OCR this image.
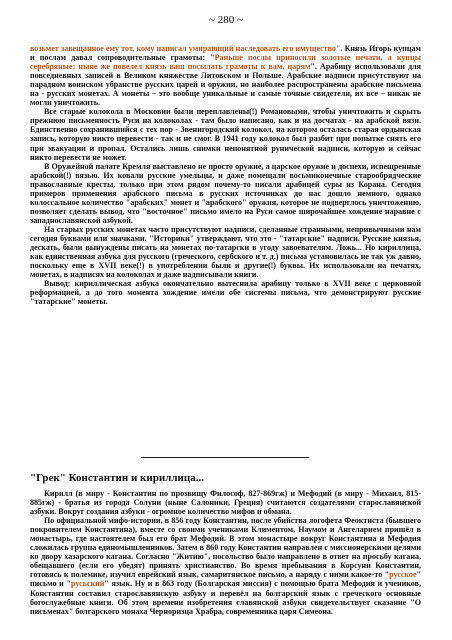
~ 280 ~

возьмет завещанное ему тот, кому написал умирающий наследовать его имущество". Князь Игорь купцам и послам давал сопроводительные грамоты: "Раньше послы приносили золотые печати, а купцы серебряные; ныне же повелел князь ваш посылать грамоты к вам, царям". Арабицу использовали для повседневных записей в Великом княжестве Литовском и Польше. Арабские надписи присутствуют на парадном воинском убранстве русских царей и оружии, но наиболее распространены арабские письмена на - русских монетах. А монеты – это вообще уникальные и самые точные свидетели, их все – никак не могли уничтожить.

Все старые колокола в Московии были переплавлены(!) Романовыми, чтобы уничтожить и скрыть прежнюю письменность Руси на колоколах - там было написано, как и на досчатах - на арабской вязи. Единственно сохранившийся с тех пор - Звенигородский колокол, на котором осталась старая ордынская запись, которую никто перевести - так и не смог. В 1941 году колокол был разбит при попытке снять его при эвакуации и пропал. Остались лишь снимки непонятной рунической надписи, которую и сейчас никто перевести не может.

В Оружейной палате Кремля выставлено не просто оружие, а царское оружие и доспехи, испещренные арабской(!) вязью. Их ковали русские умельцы, и даже помещали восьмиконечные старообрядческие православные кресты, только при этом рядом почему-то писали арабицей суры из Корана. Сегодня примеров применения арабского письма в русских источниках до нас дошло немного, однако колоссальное количество "арабских" монет и "арабского" оружия, которое не подверглось уничтожению, позволяет сделать вывод, что "восточное" письмо имело на Руси самое широчайшее хождение наравне с западнославянской азбукой.

На старых русских монетах часто присутствуют надписи, сделанные странными, непривычными нам сегодня буквами или значками. "Историки" утверждают, что это - "татарские" надписи. Русские князья, дескать, были вынуждены писать на монетах по-татарски в угоду завоевателям. Ложь... Но кириллица, как единственная азбука для русского (греческого, сербского и т. д.) письма установилась не так уж давно, поскольку еще в XVII веке(!) в употреблении были и другие(!) буквы. Их использовали на печатях, монетах, в надписях на колоколах и даже надписывали книги.

Вывод: кириллическая азбука окончательно вытеснила арабицу только в XVII веке с церковной реформацией, а до того момента хождение имели обе системы письма, что демонстрируют русские "татарские" монеты.

"Грек" Константин и кириллица...

Кирилл (в миру - Константин по прозвищу Философ, 827-869гж) и Мефодий (в миру - Михаил, 815-885гж) - братья из города Солуни (ныне Салоники, Греция) считаются создателями старославянской азбуки. Вокруг создания азбуки - огромное количество мифов и обмана.

По официальной мифо-истории, в 856 году Константин, после убийства логофета Феоктиста (бывшего покровителем Константина), вместе со своими учениками Климентом, Наумом и Ангеларием пришёл в монастырь, где настоятелем был его брат Мефодий. В этом монастыре вокруг Константина и Мефодия сложилась группа единомышленников. Затем в 860 году Константин направлен с миссионерскими целями ко двору хазарского кагана. Согласно "Житию", посольство было направлено в ответ на просьбу кагана, обещавшего (если его убедят) принять христианство. Во время пребывания в Корсуни Константин, готовясь к полемике, изучил еврейский язык, самаритянское письмо, а наряду с ними какое-то "русское" письмо и "русьский" язык. Ну и в 863 году (Болгарская миссия) с помощью брата Мефодия и учеников, Константин составил старославянскую азбуку и перевёл на болгарский язык с греческого основные богослужебные книги. Об этом времени изобретения славянской азбуки свидетельствует сказание "О письменах" болгарского монаха Черноризца Храбра, современника царя Симеона.
